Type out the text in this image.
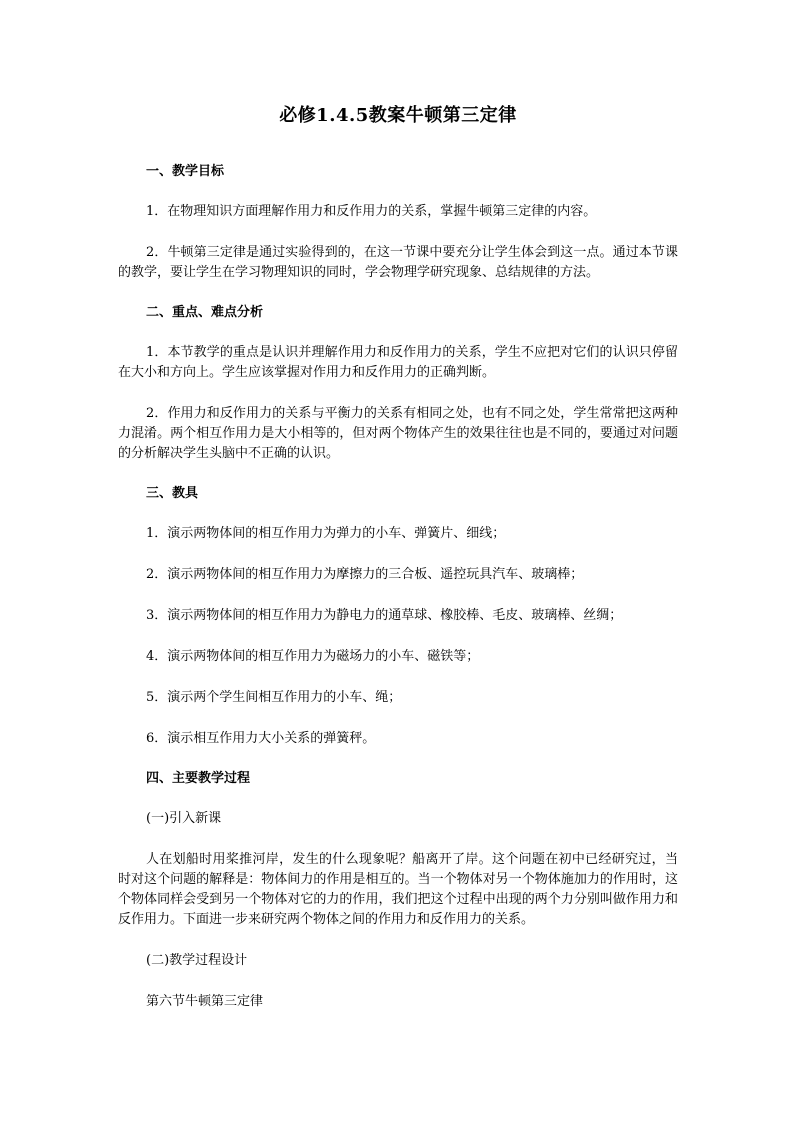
必修1.4.5教案牛顿第三定律
一、教学目标
1．在物理知识方面理解作用力和反作用力的关系，掌握牛顿第三定律的内容。
2．牛顿第三定律是通过实验得到的，在这一节课中要充分让学生体会到这一点。通过本节课的教学，要让学生在学习物理知识的同时，学会物理学研究现象、总结规律的方法。
二、重点、难点分析
1．本节教学的重点是认识并理解作用力和反作用力的关系，学生不应把对它们的认识只停留在大小和方向上。学生应该掌握对作用力和反作用力的正确判断。
2．作用力和反作用力的关系与平衡力的关系有相同之处，也有不同之处，学生常常把这两种力混淆。两个相互作用力是大小相等的，但对两个物体产生的效果往往也是不同的，要通过对问题的分析解决学生头脑中不正确的认识。
三、教具
1．演示两物体间的相互作用力为弹力的小车、弹簧片、细线；
2．演示两物体间的相互作用力为摩擦力的三合板、遥控玩具汽车、玻璃棒；
3．演示两物体间的相互作用力为静电力的通草球、橡胶棒、毛皮、玻璃棒、丝绸；
4．演示两物体间的相互作用力为磁场力的小车、磁铁等；
5．演示两个学生间相互作用力的小车、绳；
6．演示相互作用力大小关系的弹簧秤。
四、主要教学过程
(一)引入新课
人在划船时用桨推河岸，发生的什么现象呢？船离开了岸。这个问题在初中已经研究过，当时对这个问题的解释是：物体间力的作用是相互的。当一个物体对另一个物体施加力的作用时，这个物体同样会受到另一个物体对它的力的作用，我们把这个过程中出现的两个力分别叫做作用力和反作用力。下面进一步来研究两个物体之间的作用力和反作用力的关系。
(二)教学过程设计
第六节牛顿第三定律
